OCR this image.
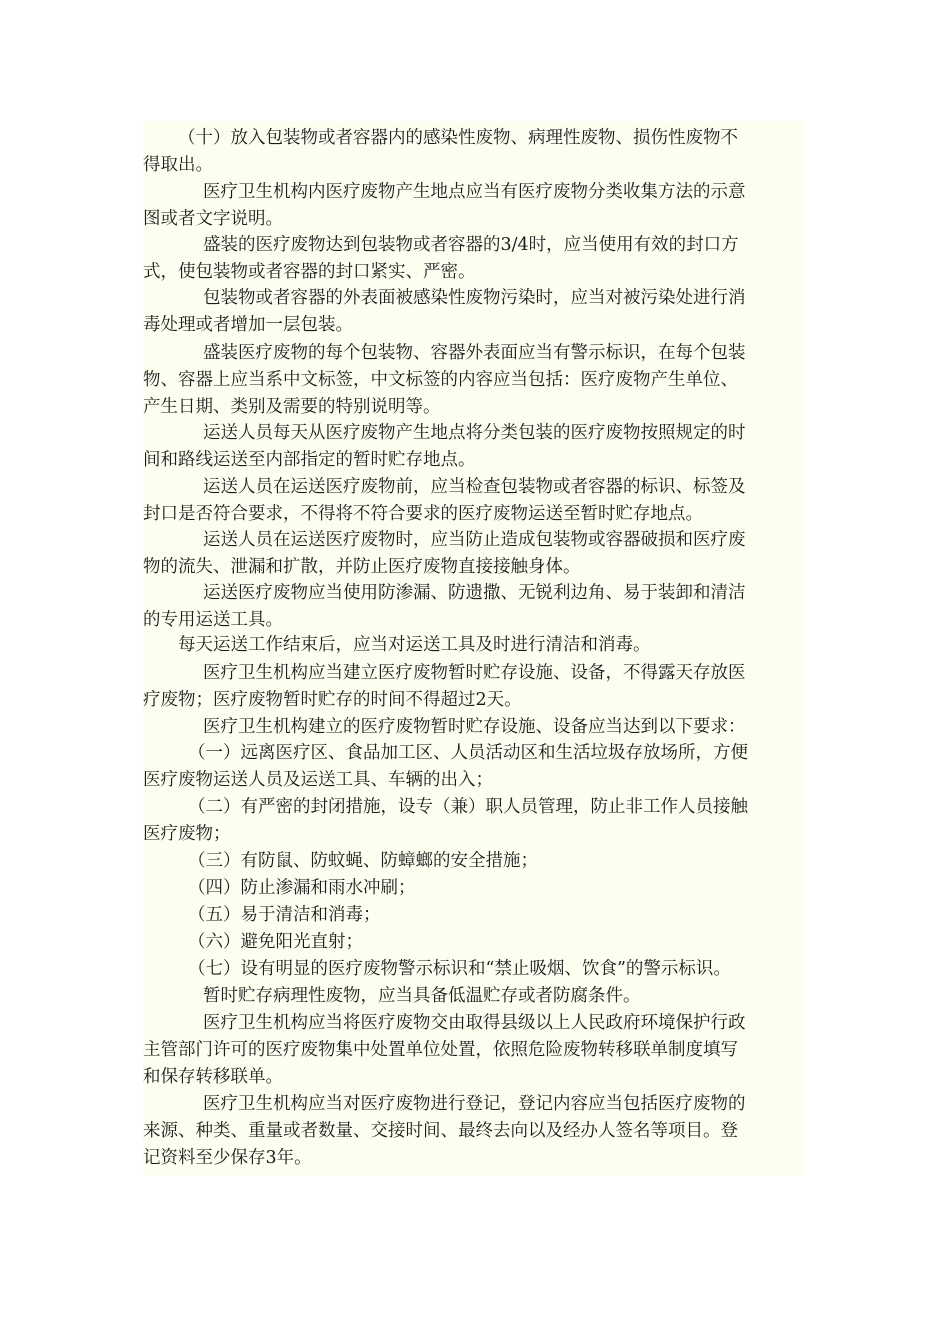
（十）放入包装物或者容器内的感染性废物、病理性废物、损伤性废物不
得取出。
医疗卫生机构内医疗废物产生地点应当有医疗废物分类收集方法的示意
图或者文字说明。
盛装的医疗废物达到包装物或者容器的3/4时，应当使用有效的封口方
式，使包装物或者容器的封口紧实、严密。
包装物或者容器的外表面被感染性废物污染时，应当对被污染处进行消
毒处理或者增加一层包装。
盛装医疗废物的每个包装物、容器外表面应当有警示标识，在每个包装
物、容器上应当系中文标签，中文标签的内容应当包括：医疗废物产生单位、
产生日期、类别及需要的特别说明等。
运送人员每天从医疗废物产生地点将分类包装的医疗废物按照规定的时
间和路线运送至内部指定的暂时贮存地点。
运送人员在运送医疗废物前，应当检查包装物或者容器的标识、标签及
封口是否符合要求，不得将不符合要求的医疗废物运送至暂时贮存地点。
运送人员在运送医疗废物时，应当防止造成包装物或容器破损和医疗废
物的流失、泄漏和扩散，并防止医疗废物直接接触身体。
运送医疗废物应当使用防渗漏、防遗撒、无锐利边角、易于装卸和清洁
的专用运送工具。
每天运送工作结束后，应当对运送工具及时进行清洁和消毒。
医疗卫生机构应当建立医疗废物暂时贮存设施、设备，不得露天存放医
疗废物；医疗废物暂时贮存的时间不得超过2天。
医疗卫生机构建立的医疗废物暂时贮存设施、设备应当达到以下要求：
（一）远离医疗区、食品加工区、人员活动区和生活垃圾存放场所，方便
医疗废物运送人员及运送工具、车辆的出入；
（二）有严密的封闭措施，设专（兼）职人员管理，防止非工作人员接触
医疗废物；
（三）有防鼠、防蚊蝇、防蟑螂的安全措施；
（四）防止渗漏和雨水冲刷；
（五）易于清洁和消毒；
（六）避免阳光直射；
（七）设有明显的医疗废物警示标识和“禁止吸烟、饮食”的警示标识。
暂时贮存病理性废物，应当具备低温贮存或者防腐条件。
医疗卫生机构应当将医疗废物交由取得县级以上人民政府环境保护行政
主管部门许可的医疗废物集中处置单位处置，依照危险废物转移联单制度填写
和保存转移联单。
医疗卫生机构应当对医疗废物进行登记，登记内容应当包括医疗废物的
来源、种类、重量或者数量、交接时间、最终去向以及经办人签名等项目。登
记资料至少保存3年。
